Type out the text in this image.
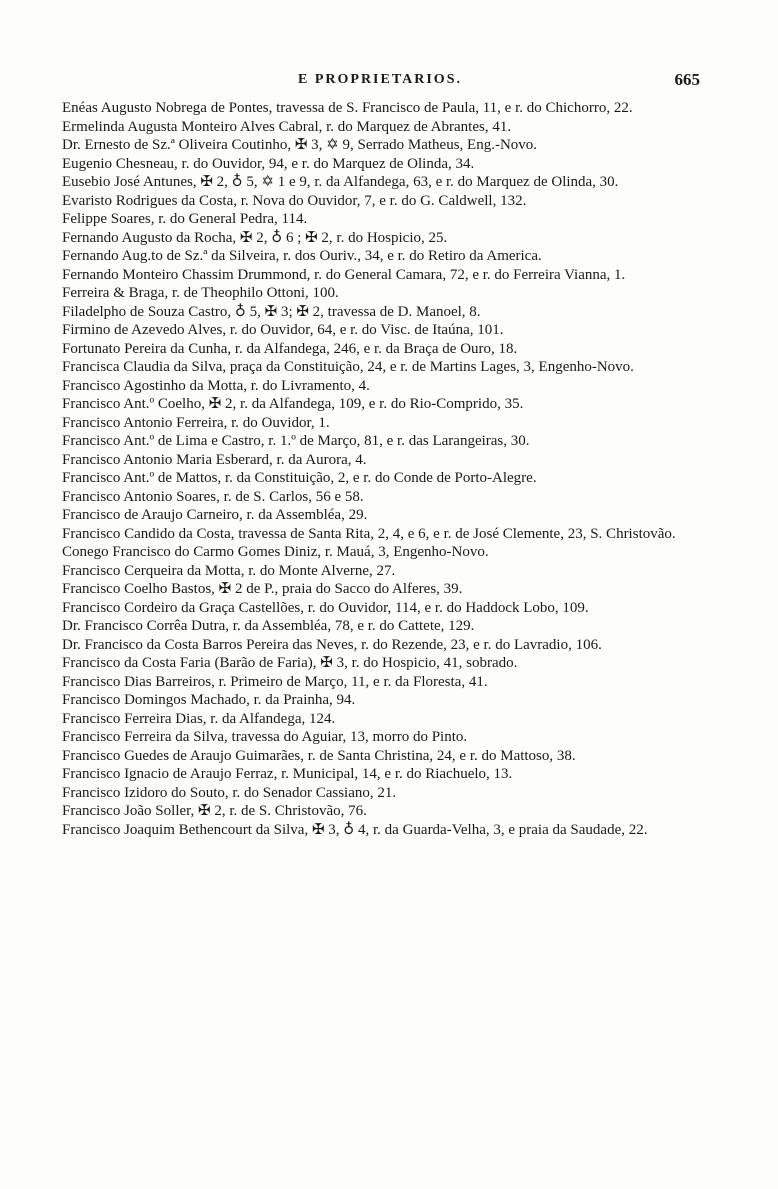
E PROPRIETARIOS.	665
Enéas Augusto Nobrega de Pontes, travessa de S. Francisco de Paula, 11, e r. do Chichorro, 22.
Ermelinda Augusta Monteiro Alves Cabral, r. do Marquez de Abrantes, 41.
Dr. Ernesto de Sz.ª Oliveira Coutinho, ✠ 3, ✡ 9, Serrado Matheus, Eng.-Novo.
Eugenio Chesneau, r. do Ouvidor, 94, e r. do Marquez de Olinda, 34.
Eusebio José Antunes, ✠ 2, ♁ 5, ✡ 1 e 9, r. da Alfandega, 63, e r. do Marquez de Olinda, 30.
Evaristo Rodrigues da Costa, r. Nova do Ouvidor, 7, e r. do G. Caldwell, 132.
Felippe Soares, r. do General Pedra, 114.
Fernando Augusto da Rocha, ✠ 2, ♁ 6 ; ✠ 2, r. do Hospicio, 25.
Fernando Aug.to de Sz.ª da Silveira, r. dos Ouriv., 34, e r. do Retiro da America.
Fernando Monteiro Chassim Drummond, r. do General Camara, 72, e r. do Ferreira Vianna, 1.
Ferreira & Braga, r. de Theophilo Ottoni, 100.
Filadelpho de Souza Castro, ♁ 5, ✠ 3; ✠ 2, travessa de D. Manoel, 8.
Firmino de Azevedo Alves, r. do Ouvidor, 64, e r. do Visc. de Itaúna, 101.
Fortunato Pereira da Cunha, r. da Alfandega, 246, e r. da Braça de Ouro, 18.
Francisca Claudia da Silva, praça da Constituição, 24, e r. de Martins Lages, 3, Engenho-Novo.
Francisco Agostinho da Motta, r. do Livramento, 4.
Francisco Ant.º Coelho, ✠ 2, r. da Alfandega, 109, e r. do Rio-Comprido, 35.
Francisco Antonio Ferreira, r. do Ouvidor, 1.
Francisco Ant.º de Lima e Castro, r. 1.º de Março, 81, e r. das Larangeiras, 30.
Francisco Antonio Maria Esberard, r. da Aurora, 4.
Francisco Ant.º de Mattos, r. da Constituição, 2, e r. do Conde de Porto-Alegre.
Francisco Antonio Soares, r. de S. Carlos, 56 e 58.
Francisco de Araujo Carneiro, r. da Assembléa, 29.
Francisco Candido da Costa, travessa de Santa Rita, 2, 4, e 6, e r. de José Clemente, 23, S. Christovão.
Conego Francisco do Carmo Gomes Diniz, r. Mauá, 3, Engenho-Novo.
Francisco Cerqueira da Motta, r. do Monte Alverne, 27.
Francisco Coelho Bastos, ✠ 2 de P., praia do Sacco do Alferes, 39.
Francisco Cordeiro da Graça Castellões, r. do Ouvidor, 114, e r. do Haddock Lobo, 109.
Dr. Francisco Corrêa Dutra, r. da Assembléa, 78, e r. do Cattete, 129.
Dr. Francisco da Costa Barros Pereira das Neves, r. do Rezende, 23, e r. do Lavradio, 106.
Francisco da Costa Faria (Barão de Faria), ✠ 3, r. do Hospicio, 41, sobrado.
Francisco Dias Barreiros, r. Primeiro de Março, 11, e r. da Floresta, 41.
Francisco Domingos Machado, r. da Prainha, 94.
Francisco Ferreira Dias, r. da Alfandega, 124.
Francisco Ferreira da Silva, travessa do Aguiar, 13, morro do Pinto.
Francisco Guedes de Araujo Guimarães, r. de Santa Christina, 24, e r. do Mattoso, 38.
Francisco Ignacio de Araujo Ferraz, r. Municipal, 14, e r. do Riachuelo, 13.
Francisco Izidoro do Souto, r. do Senador Cassiano, 21.
Francisco João Soller, ✠ 2, r. de S. Christovão, 76.
Francisco Joaquim Bethencourt da Silva, ✠ 3, ♁ 4, r. da Guarda-Velha, 3, e praia da Saudade, 22.
